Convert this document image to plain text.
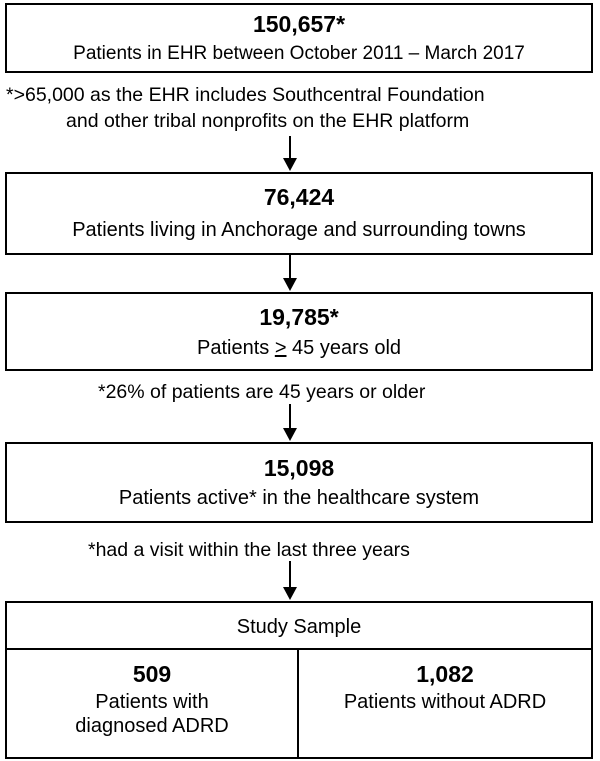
150,657*
Patients in EHR between October 2011 – March 2017
*>65,000 as the EHR includes Southcentral Foundation
and other tribal nonprofits on the EHR platform
76,424
Patients living in Anchorage and surrounding towns
19,785*
Patients ≥ 45 years old
*26% of patients are 45 years or older
15,098
Patients active* in the healthcare system
*had a visit within the last three years
Study Sample
509
Patients with
diagnosed ADRD
1,082
Patients without ADRD
